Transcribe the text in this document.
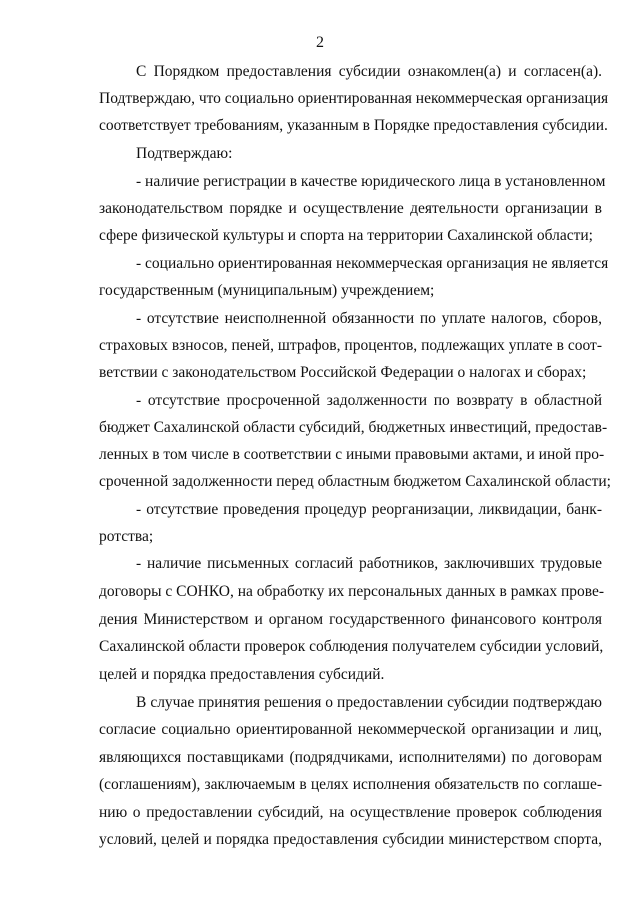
2
С Порядком предоставления субсидии ознакомлен(а) и согласен(а).
Подтверждаю, что социально ориентированная некоммерческая организация
соответствует требованиям, указанным в Порядке предоставления субсидии.
Подтверждаю:
- наличие регистрации в качестве юридического лица в установленном
законодательством порядке и осуществление деятельности организации в
сфере физической культуры и спорта на территории Сахалинской области;
- социально ориентированная некоммерческая организация не является
государственным (муниципальным) учреждением;
- отсутствие неисполненной обязанности по уплате налогов, сборов,
страховых взносов, пеней, штрафов, процентов, подлежащих уплате в соот-
ветствии с законодательством Российской Федерации о налогах и сборах;
- отсутствие просроченной задолженности по возврату в областной
бюджет Сахалинской области субсидий, бюджетных инвестиций, предостав-
ленных в том числе в соответствии с иными правовыми актами, и иной про-
сроченной задолженности перед областным бюджетом Сахалинской области;
- отсутствие проведения процедур реорганизации, ликвидации, банк-
ротства;
- наличие письменных согласий работников, заключивших трудовые
договоры с СОНКО, на обработку их персональных данных в рамках прове-
дения Министерством и органом государственного финансового контроля
Сахалинской области проверок соблюдения получателем субсидии условий,
целей и порядка предоставления субсидий.
В случае принятия решения о предоставлении субсидии подтверждаю
согласие социально ориентированной некоммерческой организации и лиц,
являющихся поставщиками (подрядчиками, исполнителями) по договорам
(соглашениям), заключаемым в целях исполнения обязательств по соглаше-
нию о предоставлении субсидий, на осуществление проверок соблюдения
условий, целей и порядка предоставления субсидии министерством спорта,
